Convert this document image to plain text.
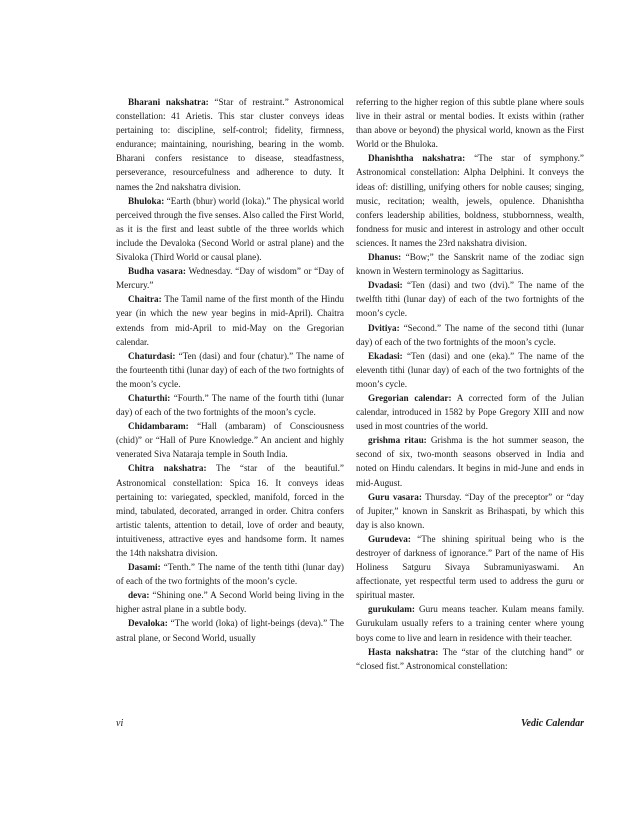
Bharani nakshatra: “Star of restraint.” Astronomical constellation: 41 Arietis. This star cluster conveys ideas pertaining to: discipline, self-control; fidelity, firmness, endurance; maintaining, nourishing, bearing in the womb. Bharani confers resistance to disease, steadfastness, perseverance, resourcefulness and adherence to duty. It names the 2nd nakshatra division.

Bhuloka: “Earth (bhur) world (loka).” The physical world perceived through the five senses. Also called the First World, as it is the first and least subtle of the three worlds which include the Devaloka (Second World or astral plane) and the Sivaloka (Third World or causal plane).

Budha vasara: Wednesday. “Day of wisdom” or “Day of Mercury.”

Chaitra: The Tamil name of the first month of the Hindu year (in which the new year begins in mid-April). Chaitra extends from mid-April to mid-May on the Gregorian calendar.

Chaturdasi: “Ten (dasi) and four (chatur).” The name of the fourteenth tithi (lunar day) of each of the two fortnights of the moon’s cycle.

Chaturthi: “Fourth.” The name of the fourth tithi (lunar day) of each of the two fortnights of the moon’s cycle.

Chidambaram: “Hall (ambaram) of Consciousness (chid)” or “Hall of Pure Knowledge.” An ancient and highly venerated Siva Nataraja temple in South India.

Chitra nakshatra: The “star of the beautiful.” Astronomical constellation: Spica 16. It conveys ideas pertaining to: variegated, speckled, manifold, forced in the mind, tabulated, decorated, arranged in order. Chitra confers artistic talents, attention to detail, love of order and beauty, intuitiveness, attractive eyes and handsome form. It names the 14th nakshatra division.

Dasami: “Tenth.” The name of the tenth tithi (lunar day) of each of the two fortnights of the moon’s cycle.

deva: “Shining one.” A Second World being living in the higher astral plane in a subtle body.

Devaloka: “The world (loka) of light-beings (deva).” The astral plane, or Second World, usually

referring to the higher region of this subtle plane where souls live in their astral or mental bodies. It exists within (rather than above or beyond) the physical world, known as the First World or the Bhuloka.

Dhanishtha nakshatra: “The star of symphony.” Astronomical constellation: Alpha Delphini. It conveys the ideas of: distilling, unifying others for noble causes; singing, music, recitation; wealth, jewels, opulence. Dhanishtha confers leadership abilities, boldness, stubbornness, wealth, fondness for music and interest in astrology and other occult sciences. It names the 23rd nakshatra division.

Dhanus: “Bow;” the Sanskrit name of the zodiac sign known in Western terminology as Sagittarius.

Dvadasi: “Ten (dasi) and two (dvi).” The name of the twelfth tithi (lunar day) of each of the two fortnights of the moon’s cycle.

Dvitiya: “Second.” The name of the second tithi (lunar day) of each of the two fortnights of the moon’s cycle.

Ekadasi: “Ten (dasi) and one (eka).” The name of the eleventh tithi (lunar day) of each of the two fortnights of the moon’s cycle.

Gregorian calendar: A corrected form of the Julian calendar, introduced in 1582 by Pope Gregory XIII and now used in most countries of the world.

grishma ritau: Grishma is the hot summer season, the second of six, two-month seasons observed in India and noted on Hindu calendars. It begins in mid-June and ends in mid-August.

Guru vasara: Thursday. “Day of the preceptor” or “day of Jupiter,” known in Sanskrit as Brihaspati, by which this day is also known.

Gurudeva: “The shining spiritual being who is the destroyer of darkness of ignorance.” Part of the name of His Holiness Satguru Sivaya Subramuniyaswami. An affectionate, yet respectful term used to address the guru or spiritual master.

gurukulam: Guru means teacher. Kulam means family. Gurukulam usually refers to a training center where young boys come to live and learn in residence with their teacher.

Hasta nakshatra: The “star of the clutching hand” or “closed fist.” Astronomical constellation:

vi	Vedic Calendar
